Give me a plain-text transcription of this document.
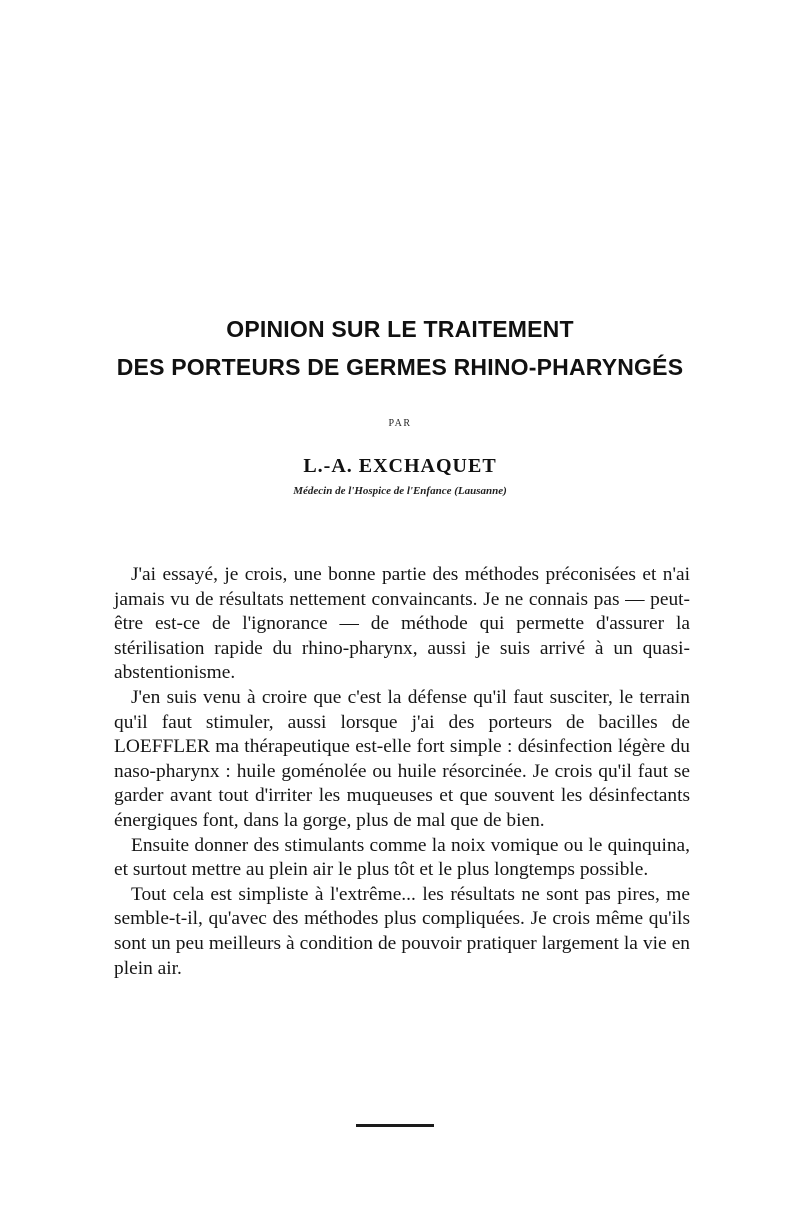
OPINION SUR LE TRAITEMENT
DES PORTEURS DE GERMES RHINO-PHARYNGÉS
PAR
L.-A. EXCHAQUET
Médecin de l'Hospice de l'Enfance (Lausanne)

J'ai essayé, je crois, une bonne partie des méthodes préconisées et n'ai jamais vu de résultats nettement convaincants. Je ne connais pas — peut-être est-ce de l'ignorance — de méthode qui permette d'assurer la stérilisation rapide du rhino-pharynx, aussi je suis arrivé à un quasi-abstentionisme.

J'en suis venu à croire que c'est la défense qu'il faut susciter, le terrain qu'il faut stimuler, aussi lorsque j'ai des porteurs de bacilles de LOEFFLER ma thérapeutique est-elle fort simple : désinfection légère du naso-pharynx : huile goménolée ou huile résorcinée. Je crois qu'il faut se garder avant tout d'irriter les muqueuses et que souvent les désinfectants énergiques font, dans la gorge, plus de mal que de bien.

Ensuite donner des stimulants comme la noix vomique ou le quinquina, et surtout mettre au plein air le plus tôt et le plus longtemps possible.

Tout cela est simpliste à l'extrême... les résultats ne sont pas pires, me semble-t-il, qu'avec des méthodes plus compliquées. Je crois même qu'ils sont un peu meilleurs à condition de pouvoir pratiquer largement la vie en plein air.
